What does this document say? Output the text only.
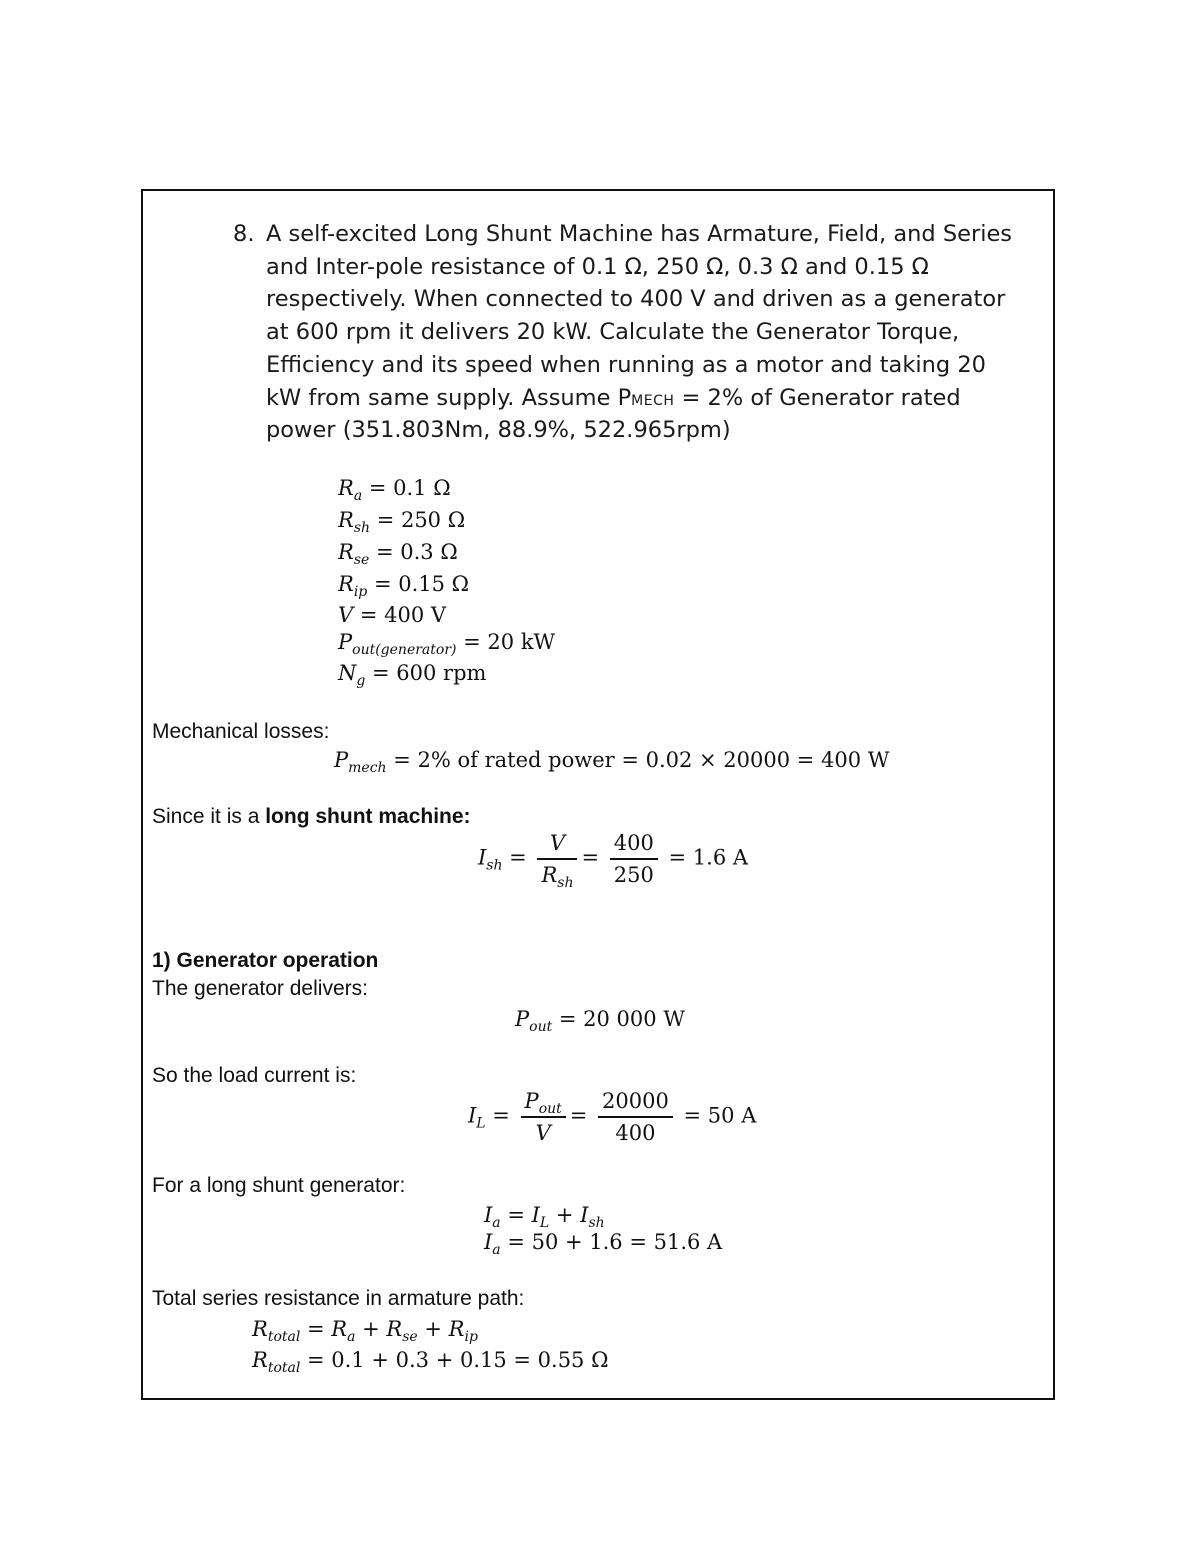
8. A self-excited Long Shunt Machine has Armature, Field, and Series
and Inter-pole resistance of 0.1 Ω, 250 Ω, 0.3 Ω and 0.15 Ω
respectively. When connected to 400 V and driven as a generator
at 600 rpm it delivers 20 kW. Calculate the Generator Torque,
Efficiency and its speed when running as a motor and taking 20
kW from same supply. Assume PMECH = 2% of Generator rated
power (351.803Nm, 88.9%, 522.965rpm)
$R_a = 0.1$ Ω
$R_{sh} = 250$ Ω
$R_{se} = 0.3$ Ω
$R_{ip} = 0.15$ Ω
V = 400 V
$P_{out(generator)} = 20$ kW
$N_g = 600$ rpm
Mechanical losses:
$P_{mech} = 2\%$ of rated power = 0.02 × 20000 = 400 W
Since it is a long shunt machine:
$I_{sh} = \frac{V}{R_{sh}} = \frac{400}{250} = 1.6$ A
1) Generator operation
The generator delivers:
$P_{out} = 20$ 000 W
So the load current is:
$I_L = \frac{P_{out}}{V} = \frac{20000}{400} = 50$ A
For a long shunt generator:
$I_a = I_L + I_{sh}$
$I_a = 50 + 1.6 = 51.6$ A
Total series resistance in armature path:
$R_{total} = R_a + R_{se} + R_{ip}$
$R_{total} = 0.1 + 0.3 + 0.15 = 0.55$ Ω
